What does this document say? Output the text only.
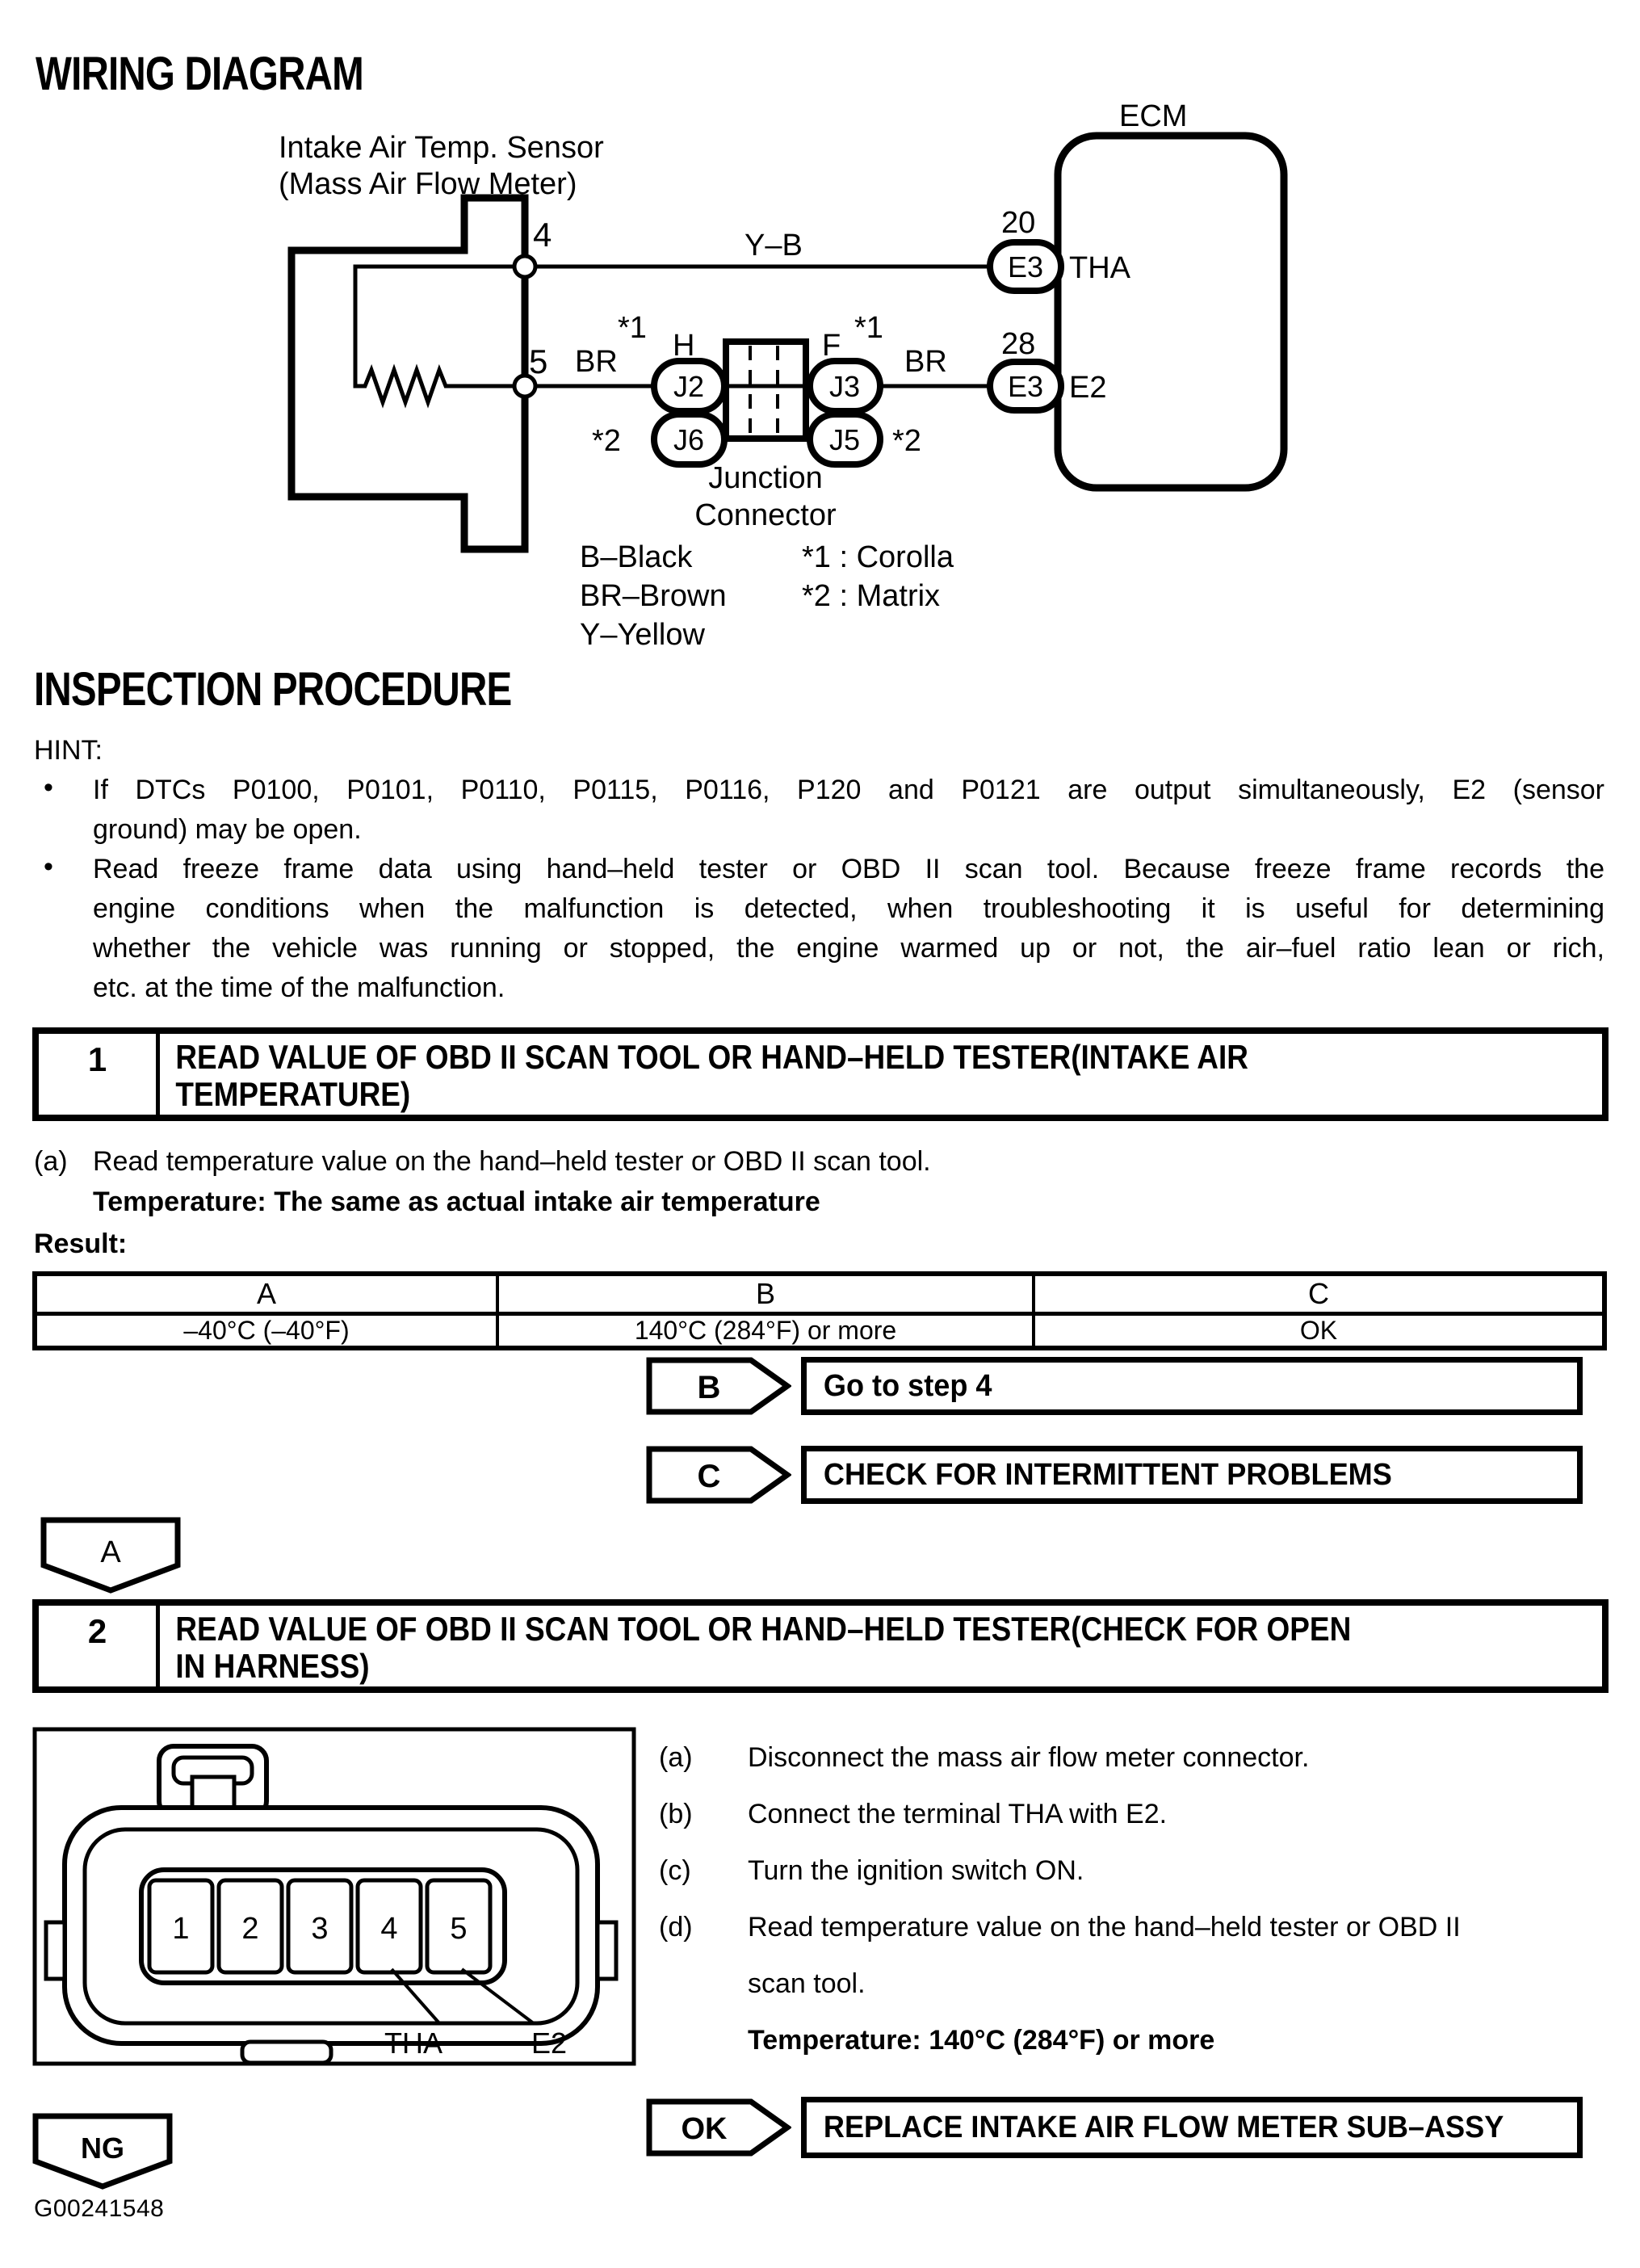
WIRING DIAGRAM
Intake Air Temp. Sensor
(Mass Air Flow Meter)
ECM
4
5
Y–B
BR	BR
*1
H
*2
F
*1
*2
J2
J6
J3
J5
20
28
E3
E3
THA
E2
Junction
Connector
B–Black
BR–Brown
Y–Yellow
*1 : Corolla
*2 : Matrix
INSPECTION PROCEDURE
HINT:
• If DTCs P0100, P0101, P0110, P0115, P0116, P120 and P0121 are output simultaneously, E2 (sensor
ground) may be open.
• Read freeze frame data using hand–held tester or OBD II scan tool. Because freeze frame records the
engine conditions when the malfunction is detected, when troubleshooting it is useful for determining
whether the vehicle was running or stopped, the engine warmed up or not, the air–fuel ratio lean or rich,
etc. at the time of the malfunction.
1	READ VALUE OF OBD II SCAN TOOL OR HAND–HELD TESTER(INTAKE AIR
TEMPERATURE)
(a) Read temperature value on the hand–held tester or OBD II scan tool.
Temperature: The same as actual intake air temperature
Result:
A	B	C
–40°C (–40°F)	140°C (284°F) or more	OK
B	Go to step 4
C	CHECK FOR INTERMITTENT PROBLEMS
A
2	READ VALUE OF OBD II SCAN TOOL OR HAND–HELD TESTER(CHECK FOR OPEN
IN HARNESS)
1 2 3 4 5
THA	E2
(a) Disconnect the mass air flow meter connector.
(b) Connect the terminal THA with E2.
(c) Turn the ignition switch ON.
(d) Read temperature value on the hand–held tester or OBD II
scan tool.
Temperature: 140°C (284°F) or more
OK	REPLACE INTAKE AIR FLOW METER SUB–ASSY
NG
G00241548
